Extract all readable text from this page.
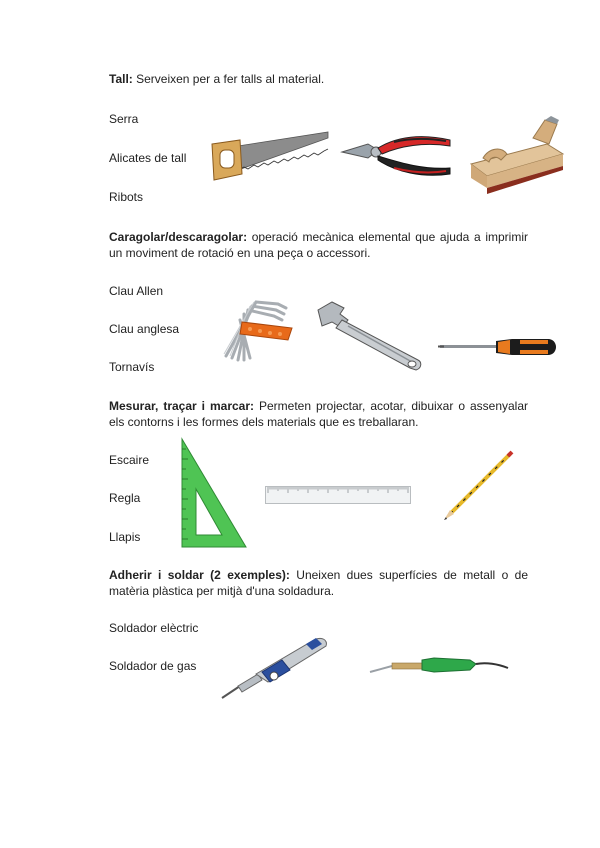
Tall: Serveixen per a fer talls al material.

Serra

Alicates de tall

Ribots

Caragolar/descaragolar: operació mecànica elemental que ajuda a imprimir un moviment de rotació en una peça o accessori.

Clau Allen

Clau anglesa

Tornavís

Mesurar, traçar i marcar: Permeten projectar, acotar, dibuixar o assenyalar els contorns i les formes dels materials que es treballaran.

Escaire

Regla

Llapis

Adherir i soldar (2 exemples): Uneixen dues superfícies de metall o de matèria plàstica per mitjà d'una soldadura.

Soldador elèctric

Soldador de gas
